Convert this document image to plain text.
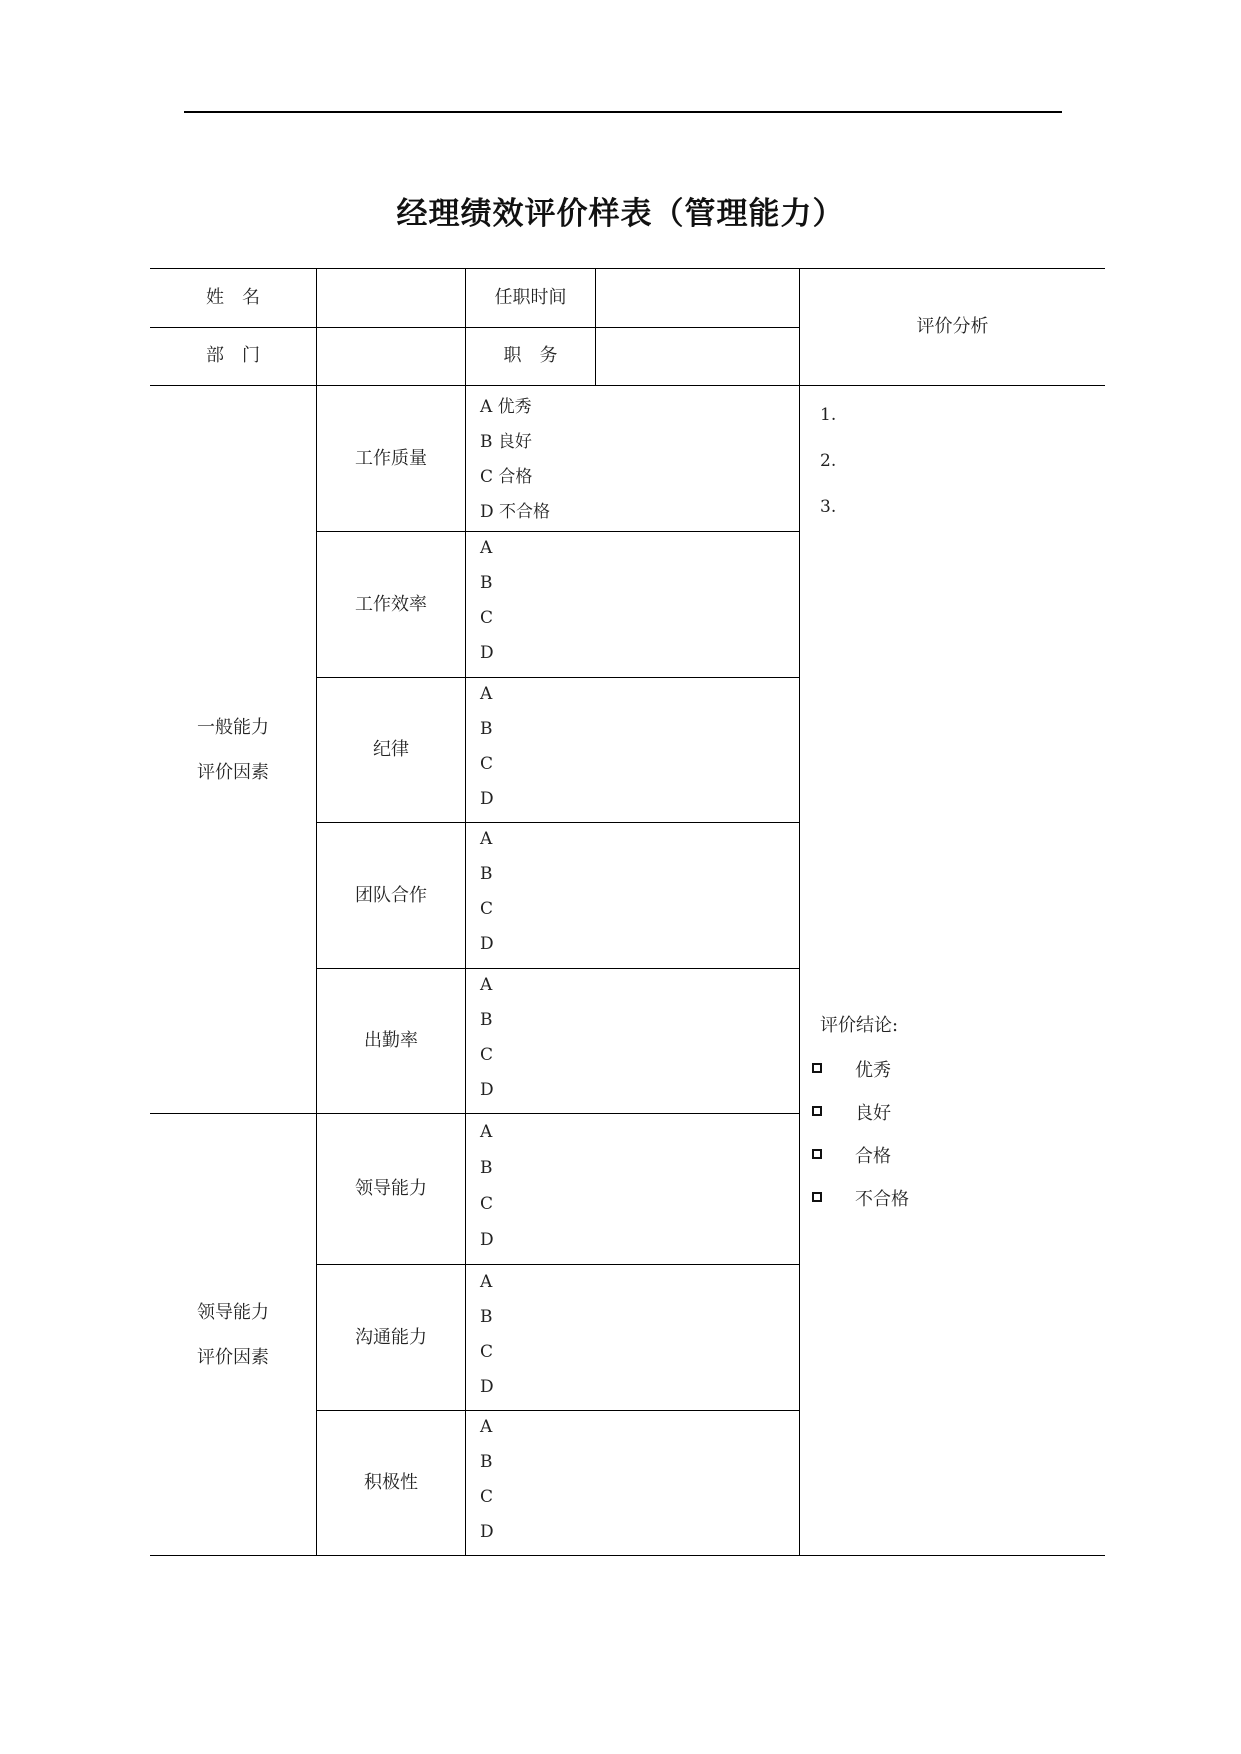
经理绩效评价样表（管理能力）
姓　名	任职时间
部　门	职　务
评价分析
一般能力
评价因素
领导能力
评价因素
工作质量
工作效率
纪律
团队合作
出勤率
领导能力
沟通能力
积极性
A 优秀
B 良好
C 合格
D 不合格
A
B
C
D
A
B
C
D
A
B
C
D
A
B
C
D
A
B
C
D
A
B
C
D
A
B
C
D
1.
2.
3.
评价结论:
优秀
良好
合格
不合格
